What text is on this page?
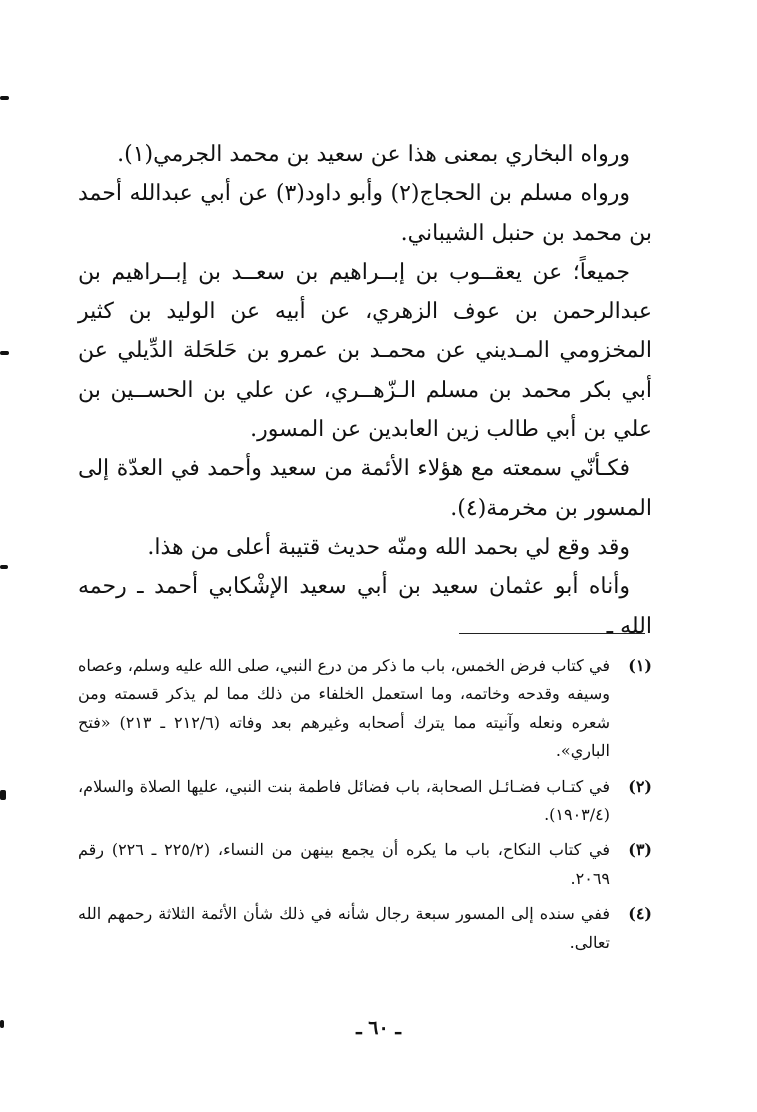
ورواه البخاري بمعنى هذا عن سعيد بن محمد الجرمي(١).

ورواه مسلم بن الحجاج(٢) وأبو داود(٣) عن أبي عبدالله أحمد بن محمد بن حنبل الشيباني.

جميعاً؛ عن يعقــوب بن إبــراهيم بن سعــد بن إبــراهيم بن عبدالرحمن بن عوف الزهري، عن أبيه عن الوليد بن كثير المخزومي المـديني عن محمـد بن عمرو بن حَلحَلة الدِّيلي عن أبي بكر محمد بن مسلم الـزّهــري، عن علي بن الحســين بن علي بن أبي طالب زين العابدين عن المسور.

فكـأنّي سمعته مع هؤلاء الأئمة من سعيد وأحمد في العدّة إلى المسور بن مخرمة(٤).

وقد وقع لي بحمد الله ومنّه حديث قتيبة أعلى من هذا.

وأناه أبو عثمان سعيد بن أبي سعيد الإشْكابي أحمد ـ رحمه الله ـ

(١)
في كتاب فرض الخمس، باب ما ذكر من درع النبي، صلى الله عليه وسلم، وعصاه وسيفه وقدحه وخاتمه، وما استعمل الخلفاء من ذلك مما لم يذكر قسمته ومن شعره ونعله وآنيته مما يترك أصحابه وغيرهم بعد وفاته (٢١٢/٦ ـ ٢١٣) «فتح الباري».
(٢)
في كتـاب فضـائـل الصحابة، باب فضائل فاطمة بنت النبي، عليها الصلاة والسلام، (١٩٠٣/٤).
(٣)
في كتاب النكاح، باب ما يكره أن يجمع بينهن من النساء، (٢٢٥/٢ ـ ٢٢٦) رقم ٢٠٦٩.
(٤)
ففي سنده إلى المسور سبعة رجال شأنه في ذلك شأن الأئمة الثلاثة رحمهم الله تعالى.
ـ ٦٠ ـ
